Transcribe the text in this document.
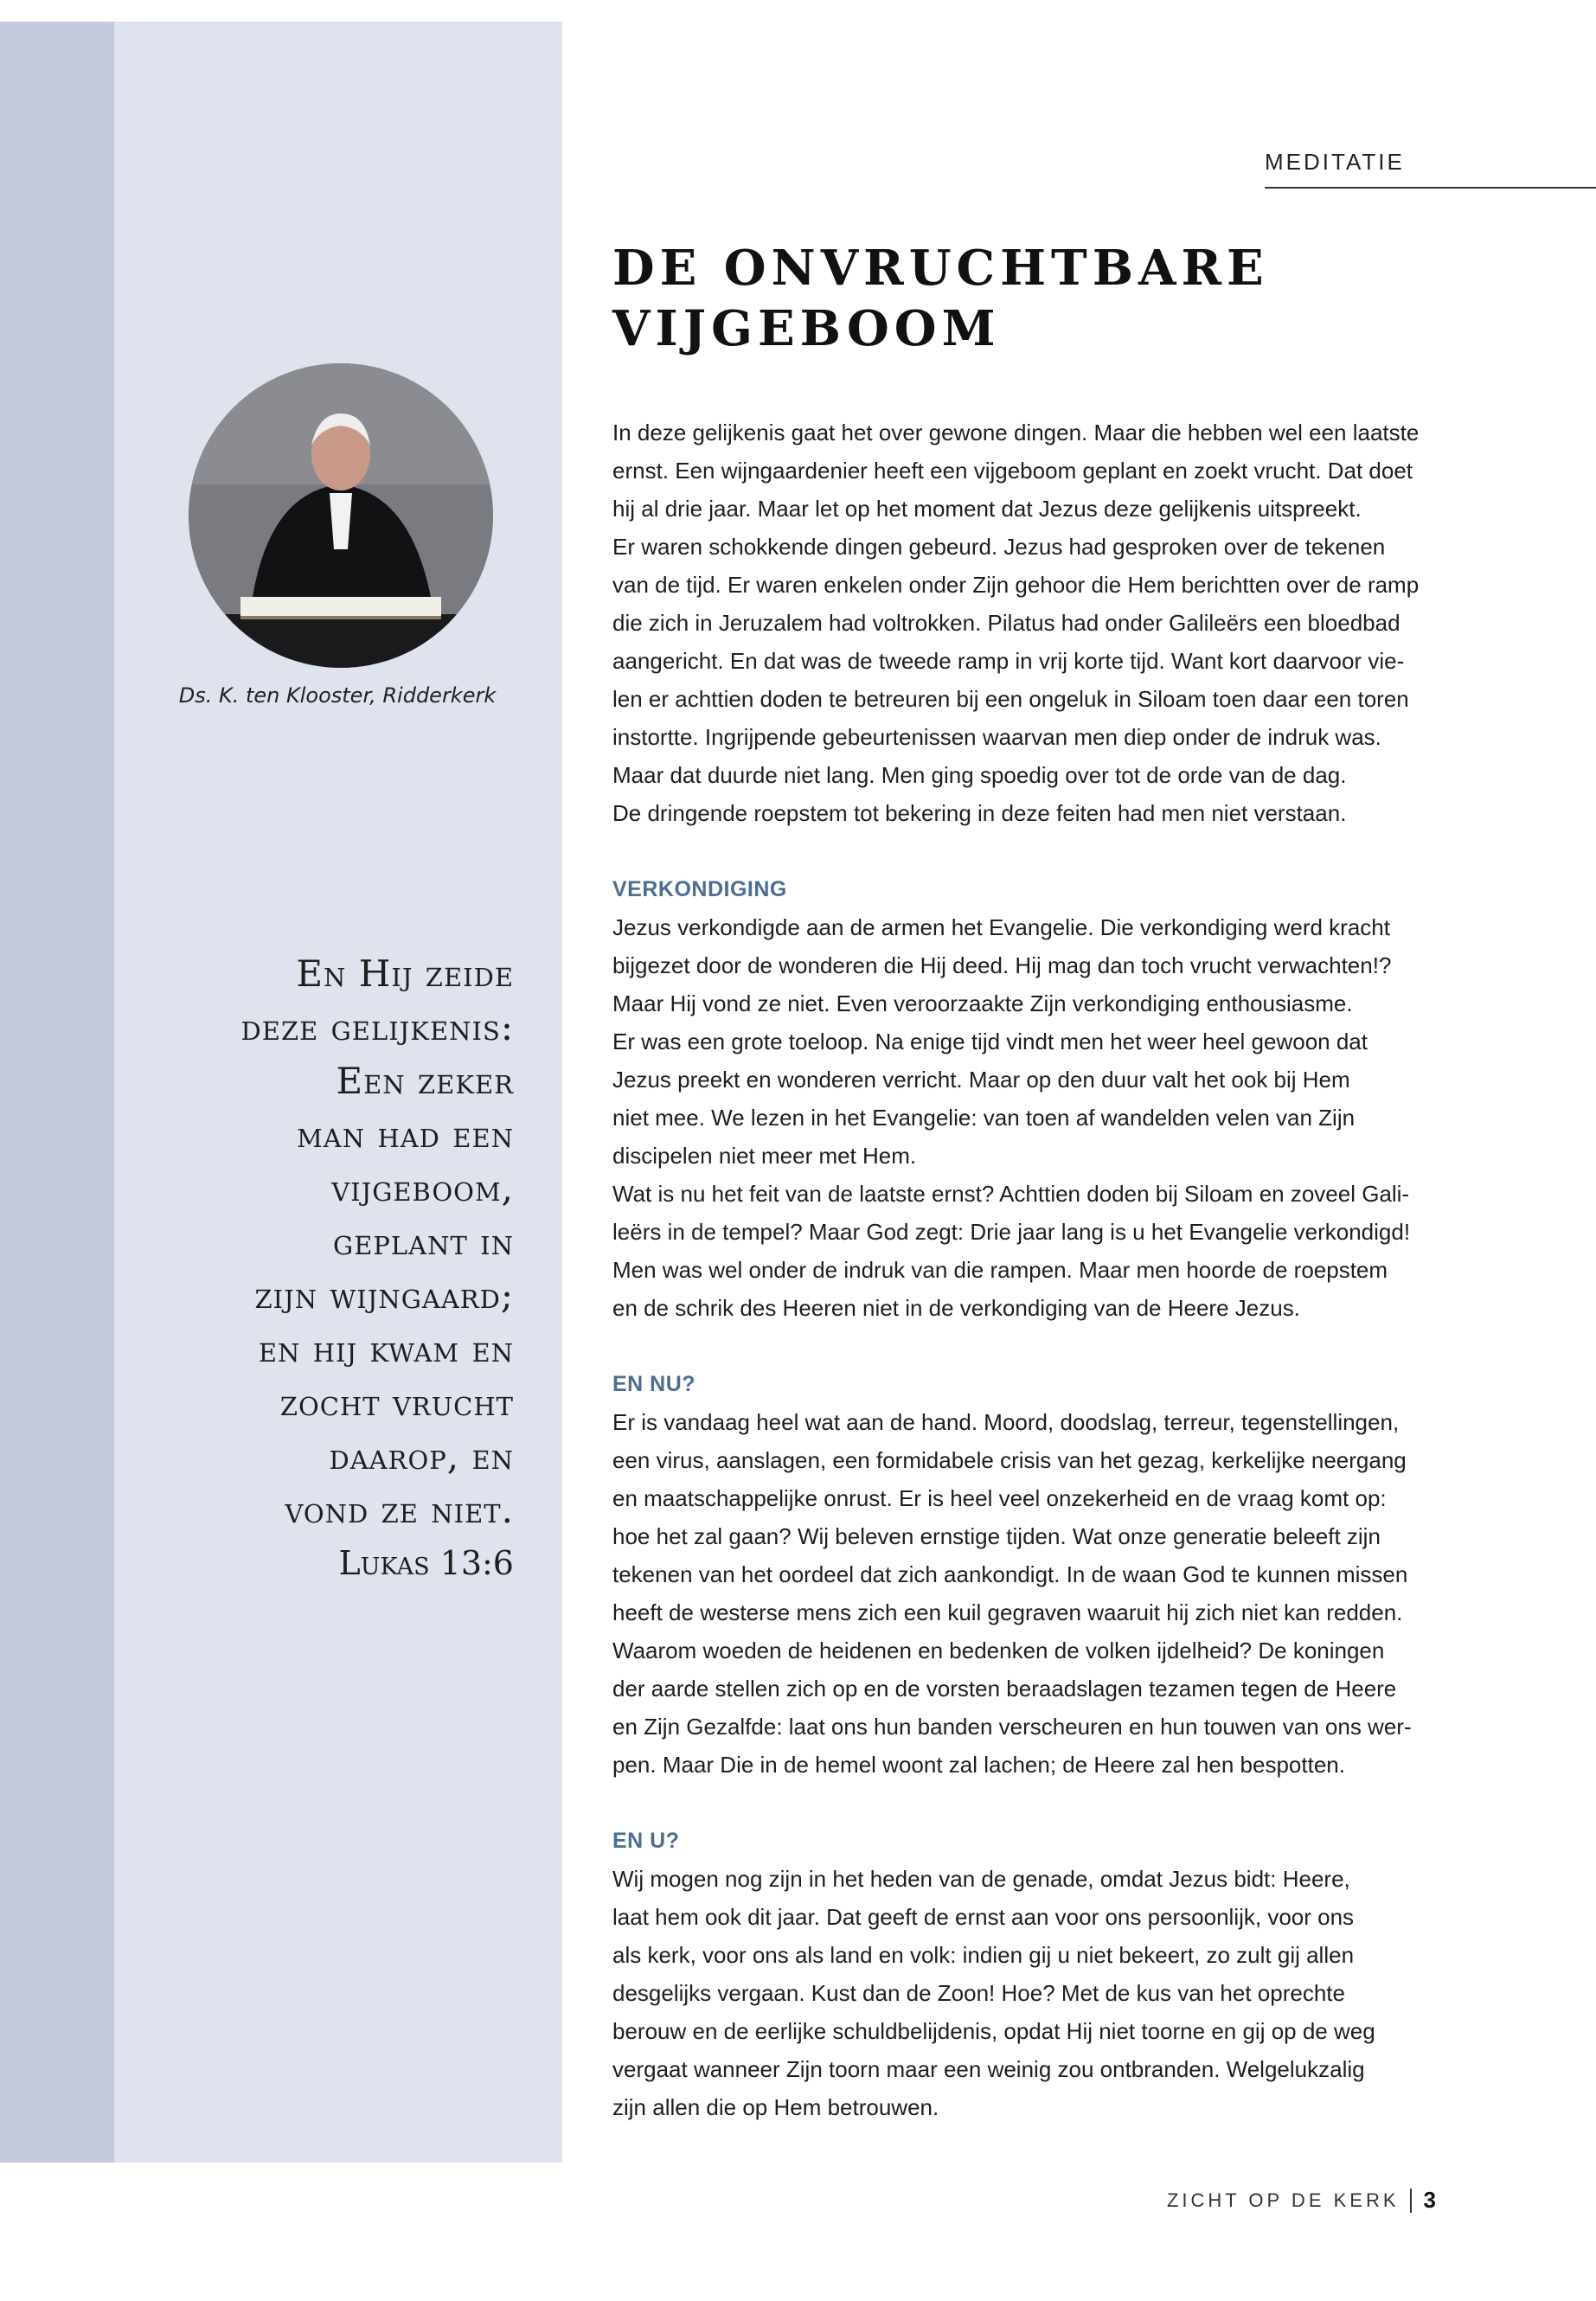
Ds. K. ten Klooster, Ridderkerk
En Hij zeide
deze gelijkenis:
Een zeker
man had een
vijgeboom,
geplant in
zijn wijngaard;
en hij kwam en
zocht vrucht
daarop, en
vond ze niet.
Lukas 13:6
MEDITATIE
DE ONVRUCHTBARE
VIJGEBOOM

In deze gelijkenis gaat het over gewone dingen. Maar die hebben wel een laatste
ernst. Een wijngaardenier heeft een vijgeboom geplant en zoekt vrucht. Dat doet
hij al drie jaar. Maar let op het moment dat Jezus deze gelijkenis uitspreekt.
Er waren schokkende dingen gebeurd. Jezus had gesproken over de tekenen
van de tijd. Er waren enkelen onder Zijn gehoor die Hem berichtten over de ramp
die zich in Jeruzalem had voltrokken. Pilatus had onder Galileërs een bloedbad
aangericht. En dat was de tweede ramp in vrij korte tijd. Want kort daarvoor vie-
len er achttien doden te betreuren bij een ongeluk in Siloam toen daar een toren
instortte. Ingrijpende gebeurtenissen waarvan men diep onder de indruk was.
Maar dat duurde niet lang. Men ging spoedig over tot de orde van de dag.
De dringende roepstem tot bekering in deze feiten had men niet verstaan.

VERKONDIGING

Jezus verkondigde aan de armen het Evangelie. Die verkondiging werd kracht
bijgezet door de wonderen die Hij deed. Hij mag dan toch vrucht verwachten!?
Maar Hij vond ze niet. Even veroorzaakte Zijn verkondiging enthousiasme.
Er was een grote toeloop. Na enige tijd vindt men het weer heel gewoon dat
Jezus preekt en wonderen verricht. Maar op den duur valt het ook bij Hem
niet mee. We lezen in het Evangelie: van toen af wandelden velen van Zijn
discipelen niet meer met Hem.
Wat is nu het feit van de laatste ernst? Achttien doden bij Siloam en zoveel Gali-
leërs in de tempel? Maar God zegt: Drie jaar lang is u het Evangelie verkondigd!
Men was wel onder de indruk van die rampen. Maar men hoorde de roepstem
en de schrik des Heeren niet in de verkondiging van de Heere Jezus.

EN NU?

Er is vandaag heel wat aan de hand. Moord, doodslag, terreur, tegenstellingen,
een virus, aanslagen, een formidabele crisis van het gezag, kerkelijke neergang
en maatschappelijke onrust. Er is heel veel onzekerheid en de vraag komt op:
hoe het zal gaan? Wij beleven ernstige tijden. Wat onze generatie beleeft zijn
tekenen van het oordeel dat zich aankondigt. In de waan God te kunnen missen
heeft de westerse mens zich een kuil gegraven waaruit hij zich niet kan redden.
Waarom woeden de heidenen en bedenken de volken ijdelheid? De koningen
der aarde stellen zich op en de vorsten beraadslagen tezamen tegen de Heere
en Zijn Gezalfde: laat ons hun banden verscheuren en hun touwen van ons wer-
pen. Maar Die in de hemel woont zal lachen; de Heere zal hen bespotten.

EN U?

Wij mogen nog zijn in het heden van de genade, omdat Jezus bidt: Heere,
laat hem ook dit jaar. Dat geeft de ernst aan voor ons persoonlijk, voor ons
als kerk, voor ons als land en volk: indien gij u niet bekeert, zo zult gij allen
desgelijks vergaan. Kust dan de Zoon! Hoe? Met de kus van het oprechte
berouw en de eerlijke schuldbelijdenis, opdat Hij niet toorne en gij op de weg
vergaat wanneer Zijn toorn maar een weinig zou ontbranden. Welgelukzalig
zijn allen die op Hem betrouwen.

ZICHT OP DE KERK 3
